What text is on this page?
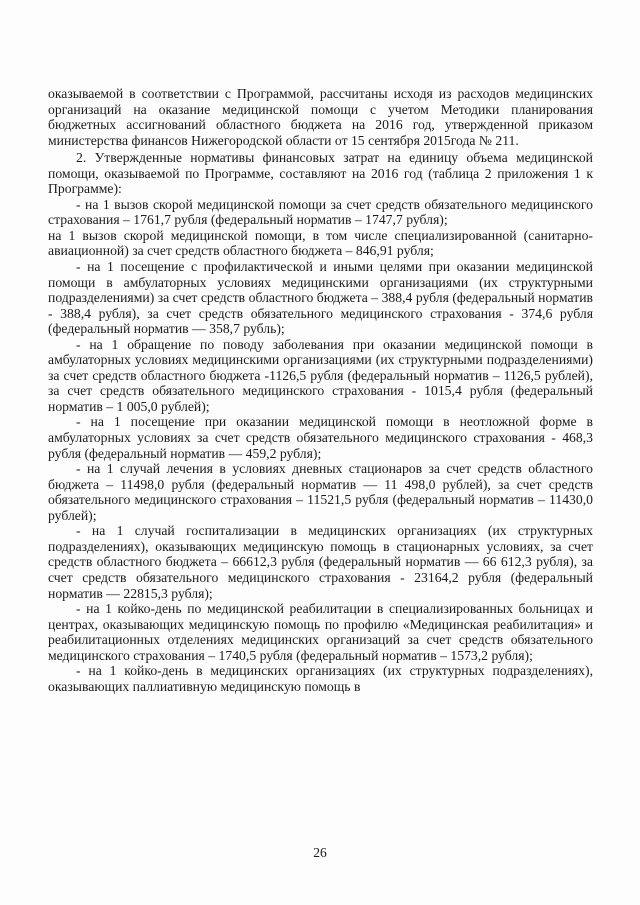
оказываемой в соответствии с Программой, рассчитаны исходя из расходов медицинских организаций на оказание медицинской помощи с учетом Методики планирования бюджетных ассигнований областного бюджета на 2016 год, утвержденной приказом министерства финансов Нижегородской области от 15 сентября 2015года № 211.

2. Утвержденные нормативы финансовых затрат на единицу объема медицинской помощи, оказываемой по Программе, составляют на 2016 год (таблица 2 приложения 1 к Программе):

- на 1 вызов скорой медицинской помощи за счет средств обязательного медицинского страхования – 1761,7 рубля (федеральный норматив – 1747,7 рубля);

на 1 вызов скорой медицинской помощи, в том числе специализированной (санитарно-авиационной) за счет средств областного бюджета – 846,91 рубля;

- на 1 посещение с профилактической и иными целями при оказании медицинской помощи в амбулаторных условиях медицинскими организациями (их структурными подразделениями) за счет средств областного бюджета – 388,4 рубля (федеральный норматив - 388,4 рубля), за счет средств обязательного медицинского страхования - 374,6 рубля (федеральный норматив — 358,7 рубль);

- на 1 обращение по поводу заболевания при оказании медицинской помощи в амбулаторных условиях медицинскими организациями (их структурными подразделениями) за счет средств областного бюджета -1126,5 рубля (федеральный норматив – 1126,5 рублей), за счет средств обязательного медицинского страхования - 1015,4 рубля (федеральный норматив – 1 005,0 рублей);

- на 1 посещение при оказании медицинской помощи в неотложной форме в амбулаторных условиях за счет средств обязательного медицинского страхования - 468,3 рубля (федеральный норматив — 459,2 рубля);

- на 1 случай лечения в условиях дневных стационаров за счет средств областного бюджета – 11498,0 рубля (федеральный норматив — 11 498,0 рублей), за счет средств обязательного медицинского страхования – 11521,5 рубля (федеральный норматив – 11430,0 рублей);

- на 1 случай госпитализации в медицинских организациях (их структурных подразделениях), оказывающих медицинскую помощь в стационарных условиях, за счет средств областного бюджета – 66612,3 рубля (федеральный норматив — 66 612,3 рубля), за счет средств обязательного медицинского страхования - 23164,2 рубля (федеральный норматив — 22815,3 рубля);

- на 1 койко-день по медицинской реабилитации в специализированных больницах и центрах, оказывающих медицинскую помощь по профилю «Медицинская реабилитация» и реабилитационных отделениях медицинских организаций за счет средств обязательного медицинского страхования – 1740,5 рубля (федеральный норматив – 1573,2 рубля);

- на 1 койко-день в медицинских организациях (их структурных подразделениях), оказывающих паллиативную медицинскую помощь в

26
